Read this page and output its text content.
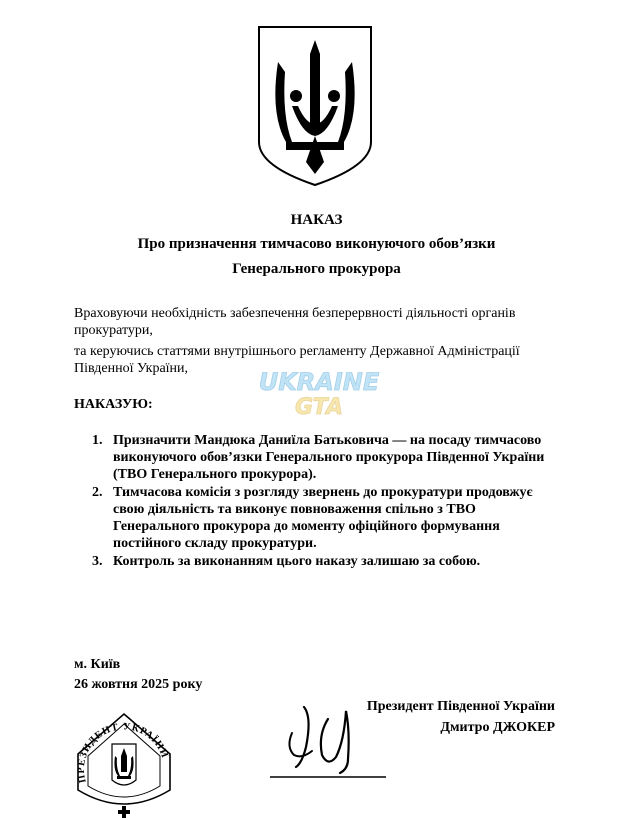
НАКАЗ
Про призначення тимчасово виконуючого обов’язки
Генерального прокурора

Враховуючи необхідність забезпечення безперервності діяльності органів прокуратури,

та керуючись статтями внутрішнього регламенту Державної Адміністрації Південної України,

НАКАЗУЮ:
1. Призначити Мандюка Даниїла Батьковича — на посаду тимчасово виконуючого обов’язки Генерального прокурора Південної України (ТВО Генерального прокурора).
2. Тимчасова комісія з розгляду звернень до прокуратури продовжує свою діяльність та виконує повноваження спільно з ТВО Генерального прокурора до моменту офіційного формування постійного складу прокуратури.
3. Контроль за виконанням цього наказу залишаю за собою.
м. Київ
26 жовтня 2025 року
Президент Південної України
Дмитро ДЖОКЕР
ПРЕЗИДЕНТ УКРАЇНИ
UKRAINE
GTA
